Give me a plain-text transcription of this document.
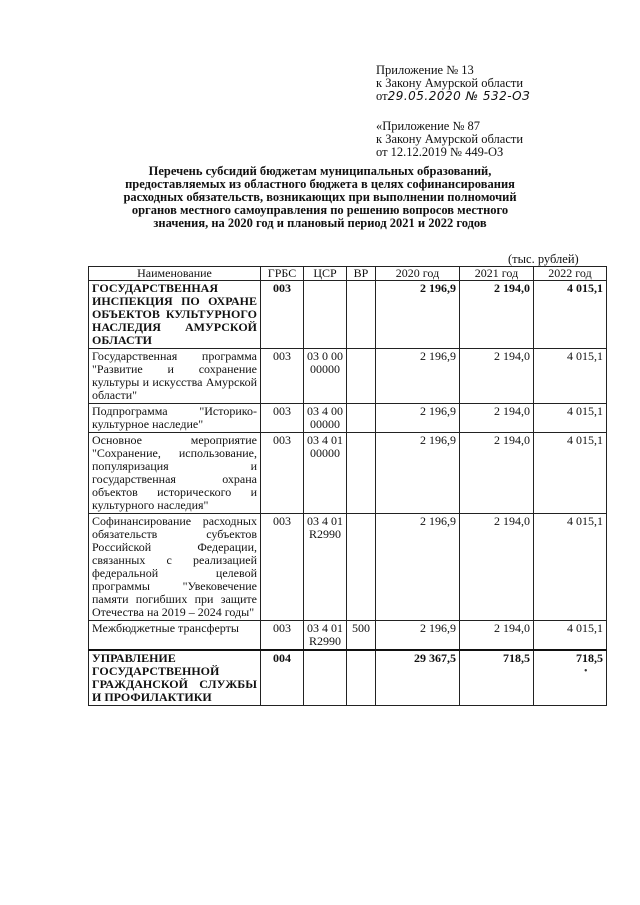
Приложение № 13
к Закону Амурской области
от29.05.2020 № 532-ОЗ
«Приложение № 87
к Закону Амурской области
от 12.12.2019 № 449-ОЗ
Перечень субсидий бюджетам муниципальных образований,
предоставляемых из областного бюджета в целях софинансирования
расходных обязательств, возникающих при выполнении полномочий
органов местного самоуправления по решению вопросов местного
значения, на 2020 год и плановый период 2021 и 2022 годов
(тыс. рублей)
Наименование	ГРБС	ЦСР	ВР	2020 год	2021 год	2022 год
ГОСУДАРСТВЕННАЯ ИНСПЕКЦИЯ ПО ОХРАНЕ ОБЪЕКТОВ КУЛЬТУРНОГО НАСЛЕДИЯ АМУРСКОЙ ОБЛАСТИ	003			2 196,9	2 194,0	4 015,1
Государственная программа "Развитие и сохранение культуры и искусства Амурской области"	003	03 0 00 00000		2 196,9	2 194,0	4 015,1
Подпрограмма "Историко-культурное наследие"	003	03 4 00 00000		2 196,9	2 194,0	4 015,1
Основное мероприятие "Сохранение, использование, популяризация и государственная охрана объектов исторического и культурного наследия"	003	03 4 01 00000		2 196,9	2 194,0	4 015,1
Софинансирование расходных обязательств субъектов Российской Федерации, связанных с реализацией федеральной целевой программы "Увековечение памяти погибших при защите Отечества на 2019 – 2024 годы"	003	03 4 01 R2990		2 196,9	2 194,0	4 015,1
Межбюджетные трансферты	003	03 4 01 R2990	500	2 196,9	2 194,0	4 015,1
УПРАВЛЕНИЕ ГОСУДАРСТВЕННОЙ ГРАЖДАНСКОЙ СЛУЖБЫ И ПРОФИЛАКТИКИ	004			29 367,5	718,5	718,5
•
